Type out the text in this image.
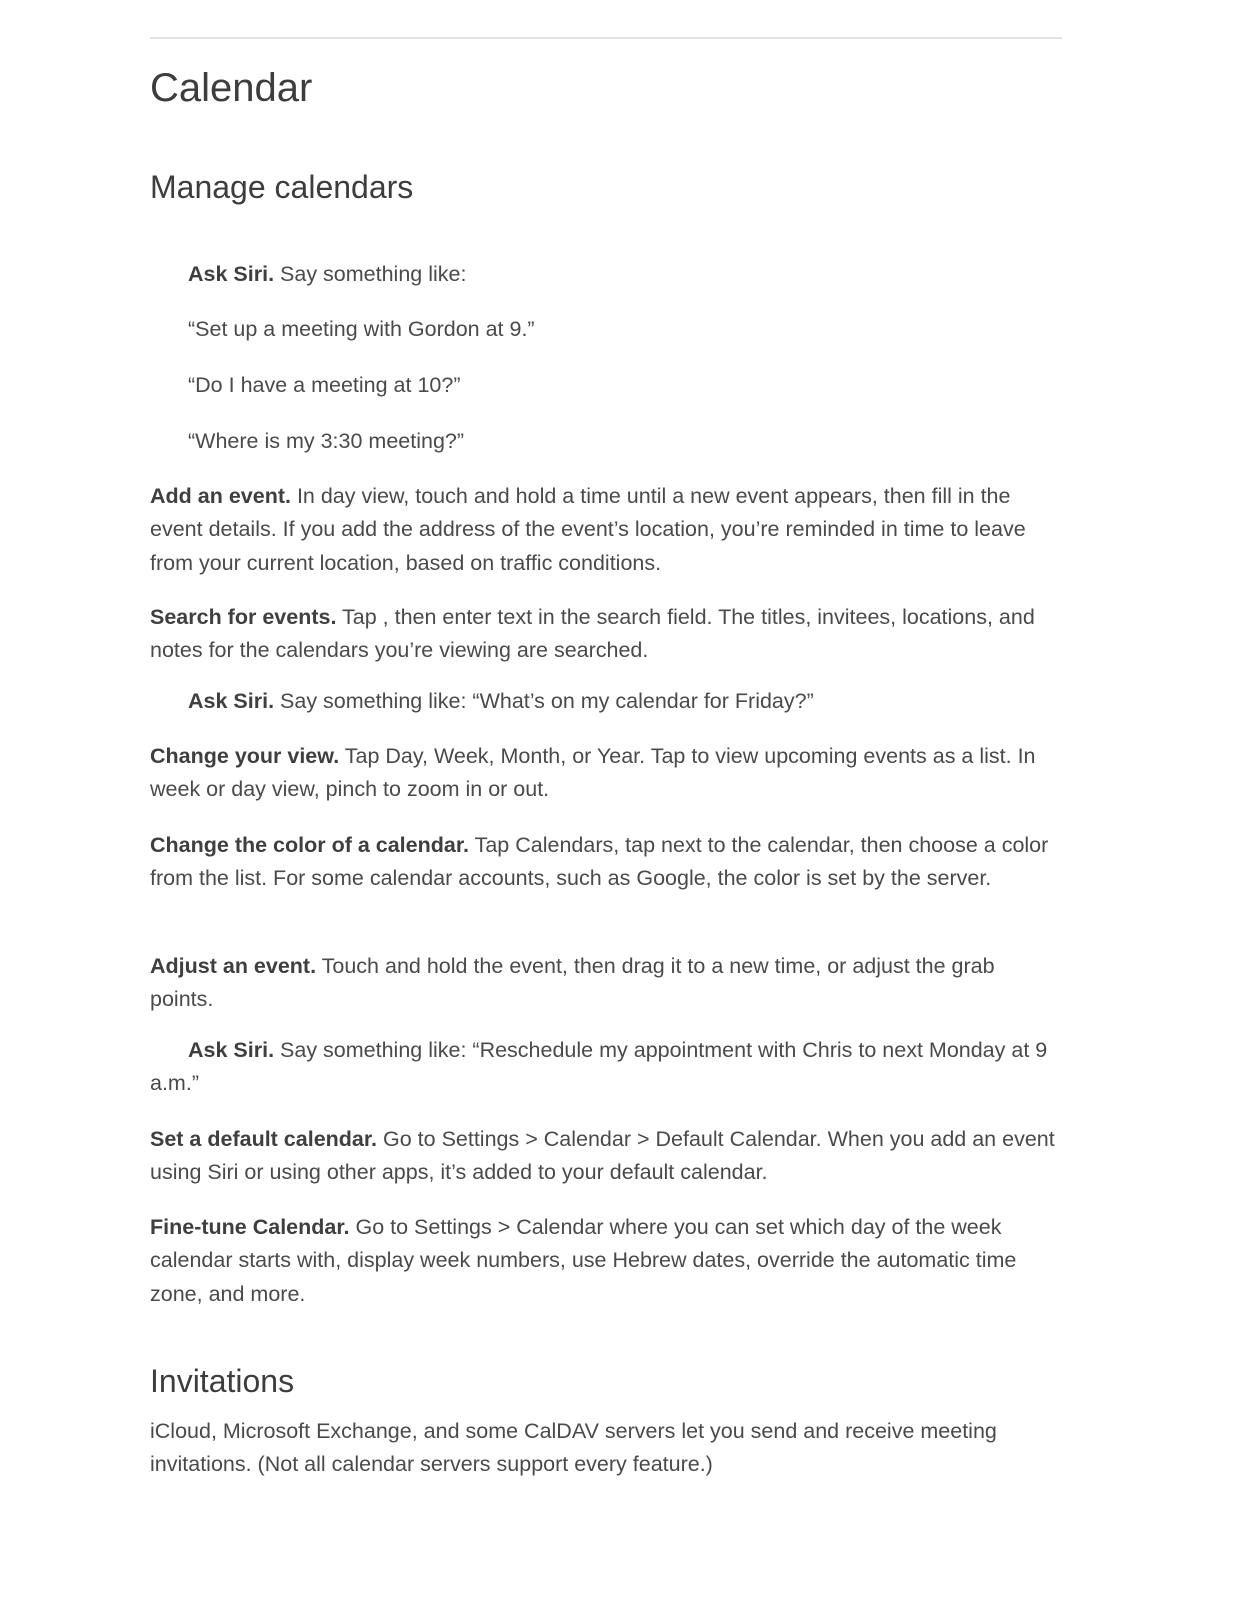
Calendar
Manage calendars

Ask Siri. Say something like:

“Set up a meeting with Gordon at 9.”

“Do I have a meeting at 10?”

“Where is my 3:30 meeting?”

Add an event. In day view, touch and hold a time until a new event appears, then fill in the event details. If you add the address of the event’s location, you’re reminded in time to leave from your current location, based on traffic conditions.

Search for events. Tap , then enter text in the search field. The titles, invitees, locations, and notes for the calendars you’re viewing are searched.

Ask Siri. Say something like: “What’s on my calendar for Friday?”

Change your view. Tap Day, Week, Month, or Year. Tap to view upcoming events as a list. In week or day view, pinch to zoom in or out.

Change the color of a calendar. Tap Calendars, tap next to the calendar, then choose a color from the list. For some calendar accounts, such as Google, the color is set by the server.

Adjust an event. Touch and hold the event, then drag it to a new time, or adjust the grab points.

Ask Siri. Say something like: “Reschedule my appointment with Chris to next Monday at 9 a.m.”

Set a default calendar. Go to Settings > Calendar > Default Calendar. When you add an event using Siri or using other apps, it’s added to your default calendar.

Fine-tune Calendar. Go to Settings > Calendar where you can set which day of the week calendar starts with, display week numbers, use Hebrew dates, override the automatic time zone, and more.

Invitations

iCloud, Microsoft Exchange, and some CalDAV servers let you send and receive meeting invitations. (Not all calendar servers support every feature.)
